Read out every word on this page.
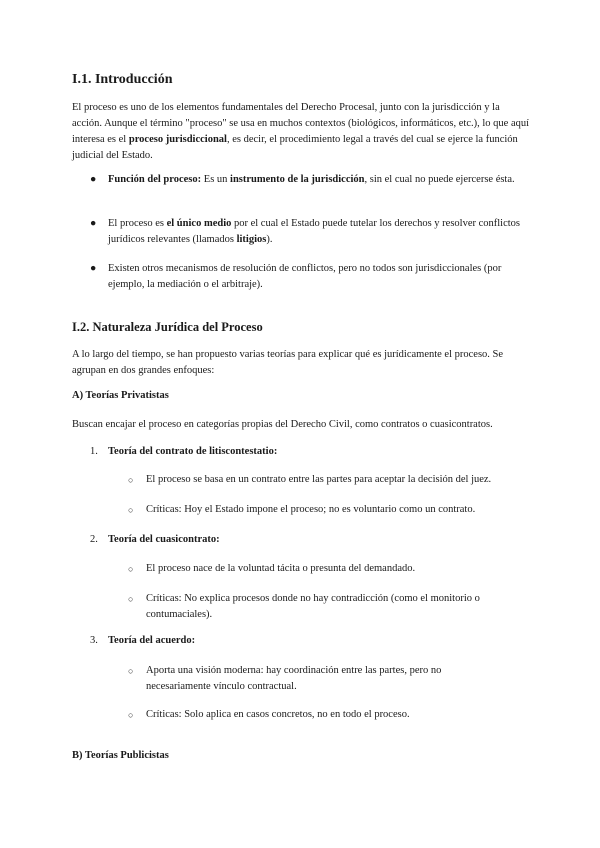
I.1. Introducción
El proceso es uno de los elementos fundamentales del Derecho Procesal, junto con la jurisdicción y la acción. Aunque el término "proceso" se usa en muchos contextos (biológicos, informáticos, etc.), lo que aquí interesa es el proceso jurisdiccional, es decir, el procedimiento legal a través del cual se ejerce la función judicial del Estado.
●	Función del proceso: Es un instrumento de la jurisdicción, sin el cual no puede ejercerse ésta.
●	El proceso es el único medio por el cual el Estado puede tutelar los derechos y resolver conflictos jurídicos relevantes (llamados litigios).
●	Existen otros mecanismos de resolución de conflictos, pero no todos son jurisdiccionales (por ejemplo, la mediación o el arbitraje).
I.2. Naturaleza Jurídica del Proceso
A lo largo del tiempo, se han propuesto varias teorías para explicar qué es jurídicamente el proceso. Se agrupan en dos grandes enfoques:
A) Teorías Privatistas
Buscan encajar el proceso en categorías propias del Derecho Civil, como contratos o cuasicontratos.
1. Teoría del contrato de litiscontestatio:
○ El proceso se basa en un contrato entre las partes para aceptar la decisión del juez.
○ Críticas: Hoy el Estado impone el proceso; no es voluntario como un contrato.
2. Teoría del cuasicontrato:
○ El proceso nace de la voluntad tácita o presunta del demandado.
○ Críticas: No explica procesos donde no hay contradicción (como el monitorio o contumaciales).
3. Teoría del acuerdo:
○ Aporta una visión moderna: hay coordinación entre las partes, pero no necesariamente vínculo contractual.
○ Críticas: Solo aplica en casos concretos, no en todo el proceso.
B) Teorías Publicistas
